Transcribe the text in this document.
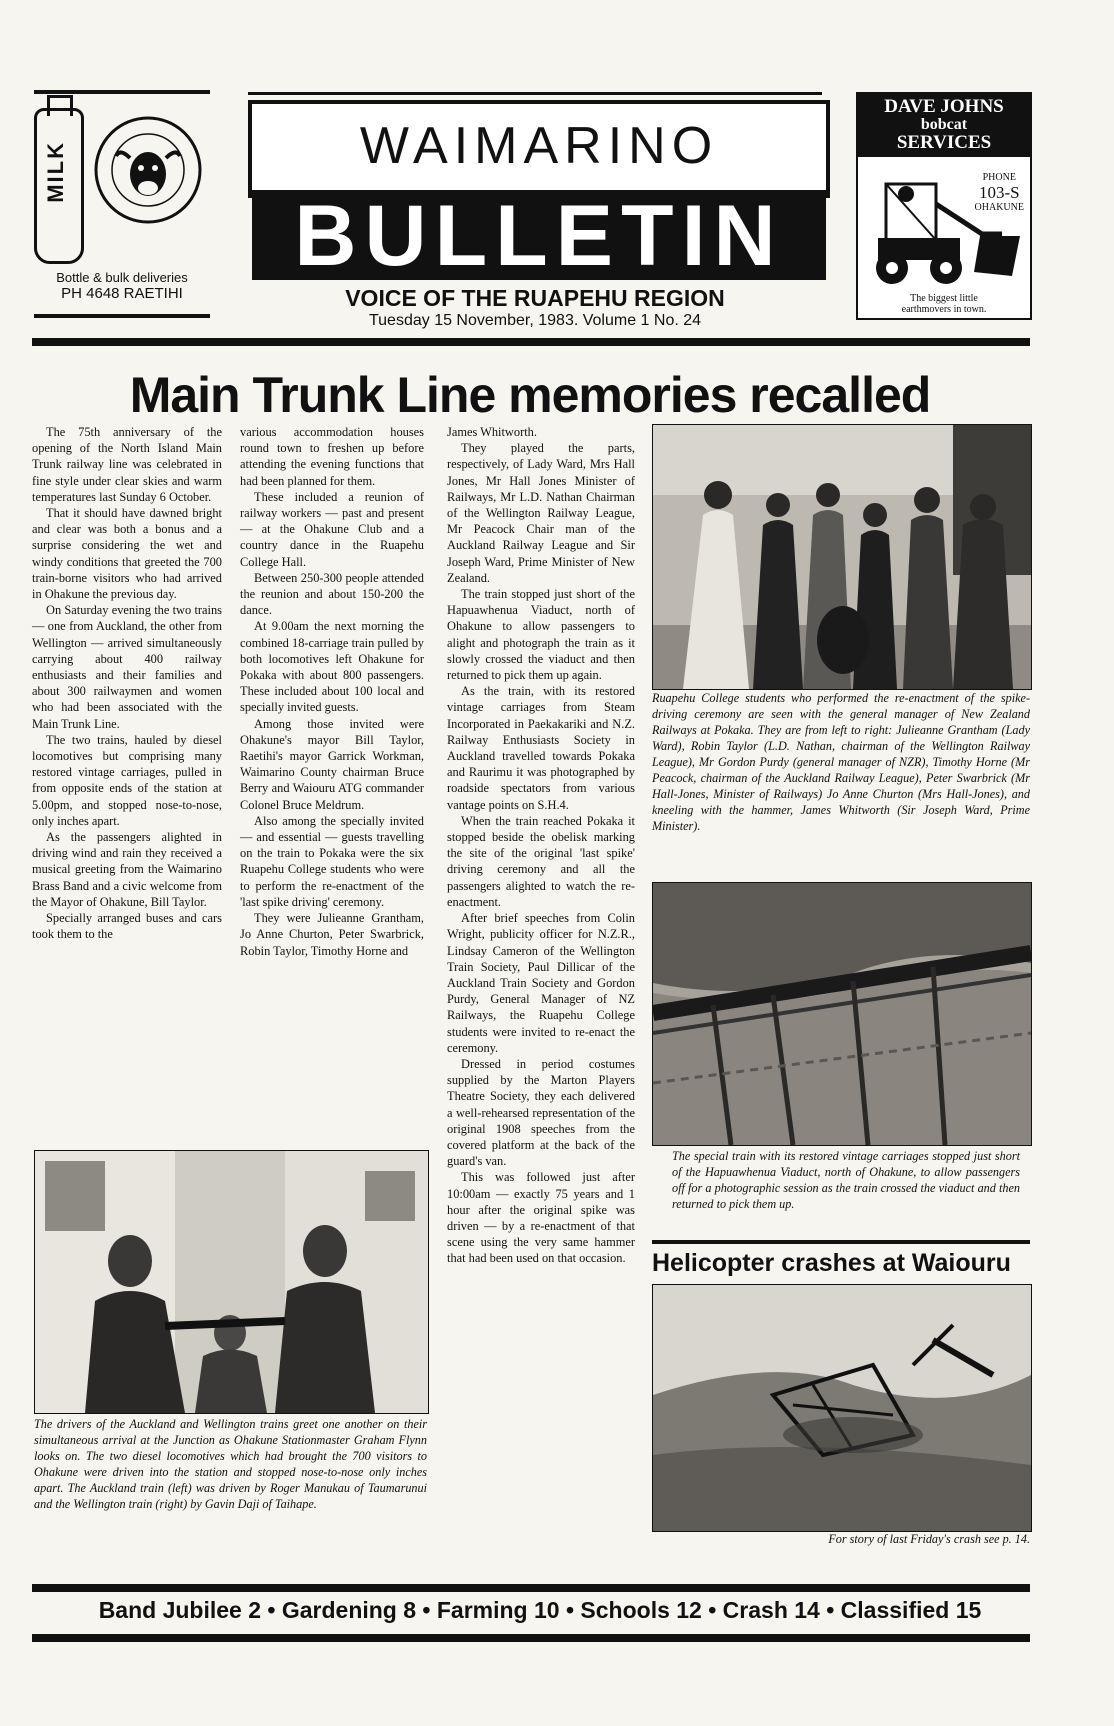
MILK
Bottle & bulk deliveries
PH 4648 RAETIHI
WAIMARINO
BULLETIN
VOICE OF THE RUAPEHU REGION
Tuesday 15 November, 1983. Volume 1 No. 24
DAVE JOHNS
bobcat
SERVICES
PHONE
103-S
OHAKUNE
The biggest little
earthmovers in town.
Main Trunk Line memories recalled

The 75th anniversary of the opening of the North Island Main Trunk railway line was celebrated in fine style under clear skies and warm temperatures last Sunday 6 October.

That it should have dawned bright and clear was both a bonus and a surprise considering the wet and windy conditions that greeted the 700 train-borne visitors who had arrived in Ohakune the previous day.

On Saturday evening the two trains — one from Auckland, the other from Wellington — arrived simultaneously carrying about 400 railway enthusiasts and their families and about 300 railwaymen and women who had been associated with the Main Trunk Line.

The two trains, hauled by diesel locomotives but comprising many restored vintage carriages, pulled in from opposite ends of the station at 5.00pm, and stopped nose-to-nose, only inches apart.

As the passengers alighted in driving wind and rain they received a musical greeting from the Waimarino Brass Band and a civic welcome from the Mayor of Ohakune, Bill Taylor.

Specially arranged buses and cars took them to the

various accommodation houses round town to freshen up before attending the evening functions that had been planned for them.

These included a reunion of railway workers — past and present — at the Ohakune Club and a country dance in the Ruapehu College Hall.

Between 250-300 people attended the reunion and about 150-200 the dance.

At 9.00am the next morning the combined 18-carriage train pulled by both locomotives left Ohakune for Pokaka with about 800 passengers. These included about 100 local and specially invited guests.

Among those invited were Ohakune's mayor Bill Taylor, Raetihi's mayor Garrick Workman, Waimarino County chairman Bruce Berry and Waiouru ATG commander Colonel Bruce Meldrum.

Also among the specially invited — and essential — guests travelling on the train to Pokaka were the six Ruapehu College students who were to perform the re-enactment of the 'last spike driving' ceremony.

They were Julieanne Grantham, Jo Anne Churton, Peter Swarbrick, Robin Taylor, Timothy Horne and

James Whitworth.

They played the parts, respectively, of Lady Ward, Mrs Hall Jones, Mr Hall Jones Minister of Railways, Mr L.D. Nathan Chairman of the Wellington Railway League, Mr Peacock Chair man of the Auckland Railway League and Sir Joseph Ward, Prime Minister of New Zealand.

The train stopped just short of the Hapuawhenua Viaduct, north of Ohakune to allow passengers to alight and photograph the train as it slowly crossed the viaduct and then returned to pick them up again.

As the train, with its restored vintage carriages from Steam Incorporated in Paekakariki and N.Z. Railway Enthusiasts Society in Auckland travelled towards Pokaka and Raurimu it was photographed by roadside spectators from various vantage points on S.H.4.

When the train reached Pokaka it stopped beside the obelisk marking the site of the original 'last spike' driving ceremony and all the passengers alighted to watch the re-enactment.

After brief speeches from Colin Wright, publicity officer for N.Z.R., Lindsay Cameron of the Wellington Train Society, Paul Dillicar of the Auckland Train Society and Gordon Purdy, General Manager of NZ Railways, the Ruapehu College students were invited to re-enact the ceremony.

Dressed in period costumes supplied by the Marton Players Theatre Society, they each delivered a well-rehearsed representation of the original 1908 speeches from the covered platform at the back of the guard's van.

This was followed just after 10:00am — exactly 75 years and 1 hour after the original spike was driven — by a re-enactment of that scene using the very same hammer that had been used on that occasion.

The drivers of the Auckland and Wellington trains greet one another on their simultaneous arrival at the Junction as Ohakune Stationmaster Graham Flynn looks on. The two diesel locomotives which had brought the 700 visitors to Ohakune were driven into the station and stopped nose-to-nose only inches apart. The Auckland train (left) was driven by Roger Manukau of Taumarunui and the Wellington train (right) by Gavin Daji of Taihape.
Ruapehu College students who performed the re-enactment of the spike-driving ceremony are seen with the general manager of New Zealand Railways at Pokaka. They are from left to right: Julieanne Grantham (Lady Ward), Robin Taylor (L.D. Nathan, chairman of the Wellington Railway League), Mr Gordon Purdy (general manager of NZR), Timothy Horne (Mr Peacock, chairman of the Auckland Railway League), Peter Swarbrick (Mr Hall-Jones, Minister of Railways) Jo Anne Churton (Mrs Hall-Jones), and kneeling with the hammer, James Whitworth (Sir Joseph Ward, Prime Minister).
The special train with its restored vintage carriages stopped just short of the Hapuawhenua Viaduct, north of Ohakune, to allow passengers off for a photographic session as the train crossed the viaduct and then returned to pick them up.
Helicopter crashes at Waiouru
For story of last Friday's crash see p. 14.
Band Jubilee 2 • Gardening 8 • Farming 10 • Schools 12 • Crash 14 • Classified 15
